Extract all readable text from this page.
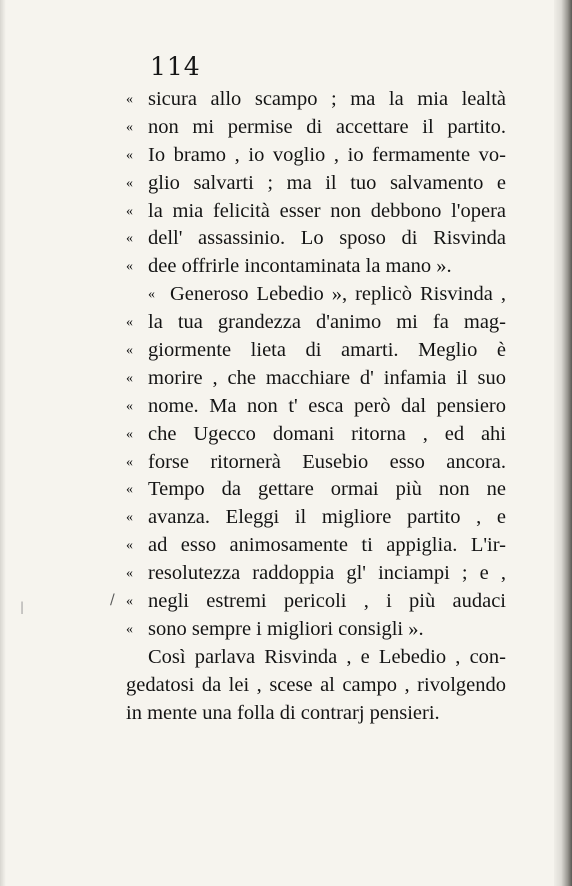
114
« sicura allo scampo ; ma la mia lealtà
« non mi permise di accettare il partito.
« Io bramo , io voglio , io fermamente vo-
« glio salvarti ; ma il tuo salvamento e
« la mia felicità esser non debbono l'opera
« dell' assassinio. Lo sposo di Risvinda
« dee offrirle incontaminata la mano ».
« Generoso Lebedio », replicò Risvinda ,
« la tua grandezza d'animo mi fa mag-
« giormente lieta di amarti. Meglio è
« morire , che macchiare d' infamia il suo
« nome. Ma non t' esca però dal pensiero
« che Ugecco domani ritorna , ed ahi
« forse ritornerà Eusebio esso ancora.
« Tempo da gettare ormai più non ne
« avanza. Eleggi il migliore partito , e
« ad esso animosamente ti appiglia. L'ir-
« resolutezza raddoppia gl' inciampi ; e ,
« negli estremi pericoli , i più audaci
« sono sempre i migliori consigli ».
Così parlava Risvinda , e Lebedio , con-
gedatosi da lei , scese al campo , rivolgendo
in mente una folla di contrarj pensieri.
/
|
